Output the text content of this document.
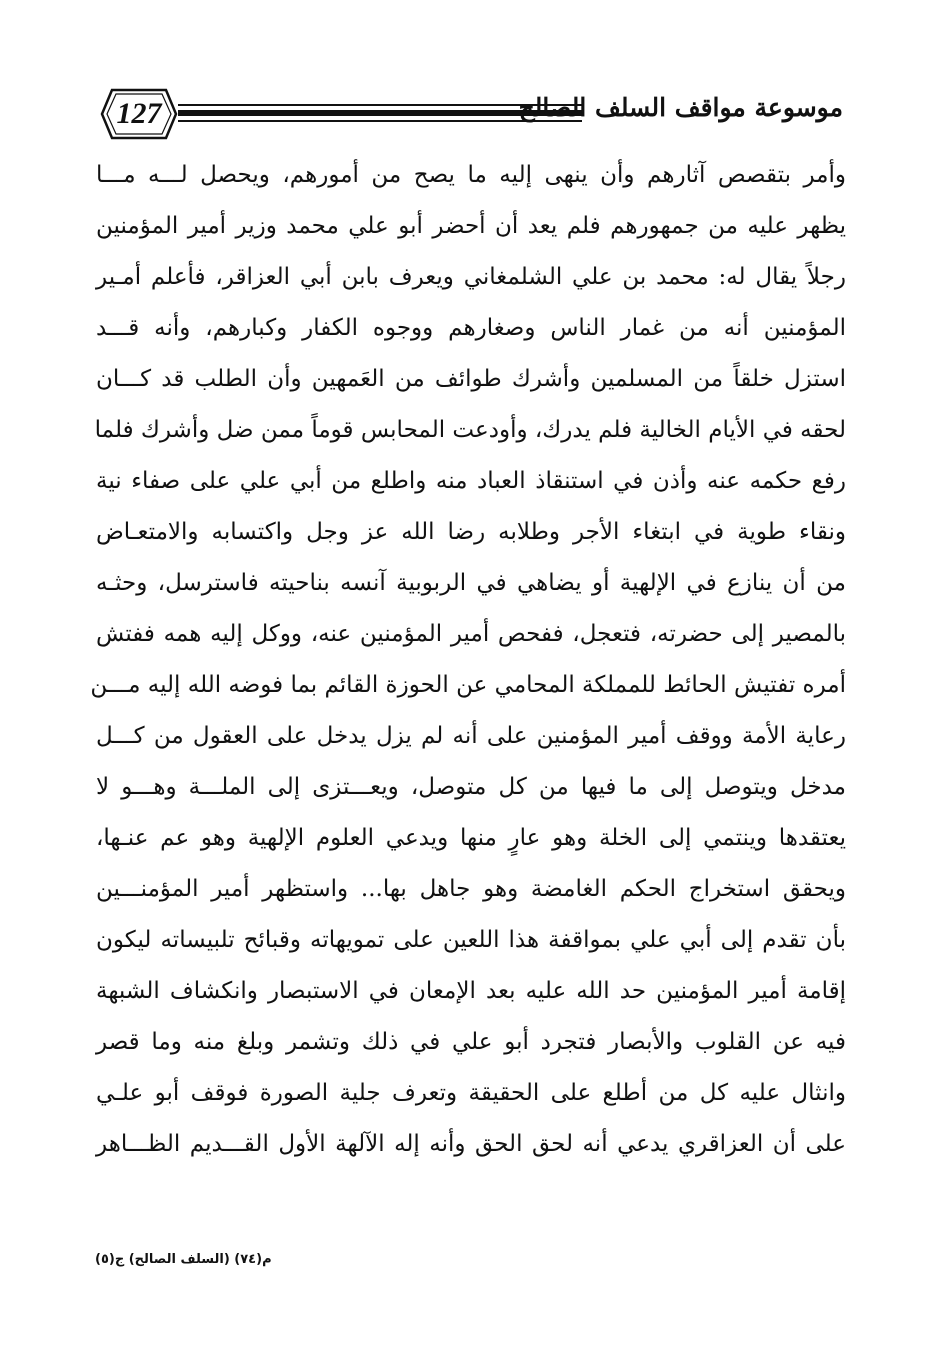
127	موسوعة مواقف السلف الصالح
وأمر بتقصص آثارهم وأن ينهى إليه ما يصح من أمورهم، ويحصل لـــه مـــا
يظهر عليه من جمهورهم فلم يعد أن أحضر أبو علي محمد وزير أمير المؤمنين
رجلاً يقال له: محمد بن علي الشلمغاني ويعرف بابن أبي العزاقر، فأعلم أمـير
المؤمنين أنه من غمار الناس وصغارهم ووجوه الكفار وكبارهم، وأنه قـــد
استزل خلقاً من المسلمين وأشرك طوائف من العَمهين وأن الطلب قد كـــان
لحقه في الأيام الخالية فلم يدرك، وأودعت المحابس قوماً ممن ضل وأشرك فلما
رفع حكمه عنه وأذن في استنقاذ العباد منه واطلع من أبي علي على صفاء نية
ونقاء طوية في ابتغاء الأجر وطلابه رضا الله عز وجل واكتسابه والامتعـاض
من أن ينازع في الإلهية أو يضاهي في الربوبية آنسه بناحيته فاسترسل، وحثـه
بالمصير إلى حضرته، فتعجل، ففحص أمير المؤمنين عنه، ووكل إليه همه ففتش
أمره تفتيش الحائط للمملكة المحامي عن الحوزة القائم بما فوضه الله إليه مـــن
رعاية الأمة ووقف أمير المؤمنين على أنه لم يزل يدخل على العقول من كـــل
مدخل ويتوصل إلى ما فيها من كل متوصل، ويعـــتزى إلى الملـــة وهـــو لا
يعتقدها وينتمي إلى الخلة وهو عارٍ منها ويدعي العلوم الإلهية وهو عم عنـها،
ويحقق استخراج الحكم الغامضة وهو جاهل بها... واستظهر أمير المؤمنـــين
بأن تقدم إلى أبي علي بمواقفة هذا اللعين على تمويهاته وقبائح تلبيساته ليكون
إقامة أمير المؤمنين حد الله عليه بعد الإمعان في الاستبصار وانكشاف الشبهة
فيه عن القلوب والأبصار فتجرد أبو علي في ذلك وتشمر وبلغ منه وما قصر
وانثال عليه كل من أطلع على الحقيقة وتعرف جلية الصورة فوقف أبو علـي
على أن العزاقري يدعي أنه لحق الحق وأنه إله الآلهة الأول القـــديم الظـــاهر
م(٧٤) (السلف الصالح) ج(٥)
